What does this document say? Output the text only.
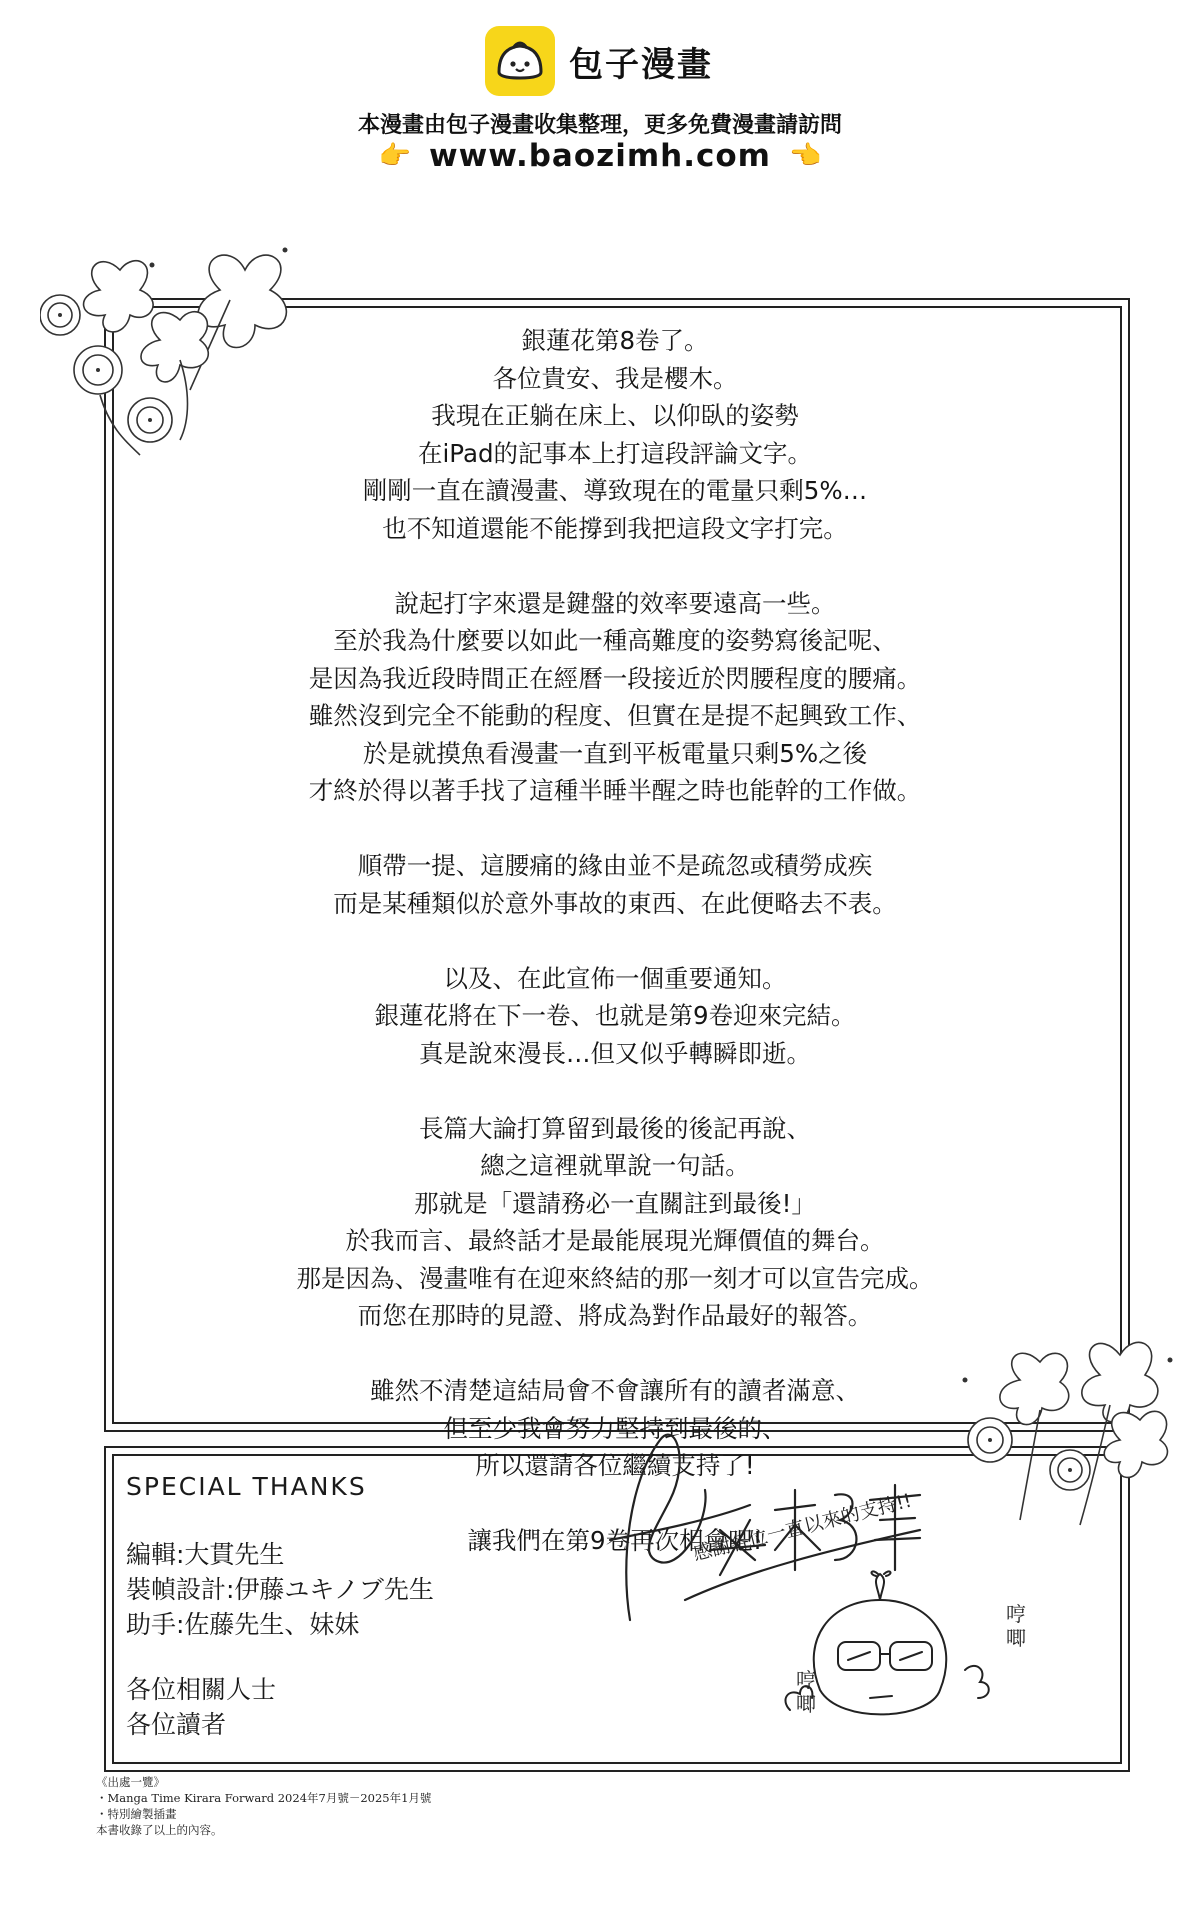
包子漫畫
本漫畫由包子漫畫收集整理，更多免費漫畫請訪問
👉 www.baozimh.com 👈
銀蓮花第8卷了。
各位貴安、我是櫻木。
我現在正躺在床上、以仰臥的姿勢
在iPad的記事本上打這段評論文字。
剛剛一直在讀漫畫、導致現在的電量只剩5%…
也不知道還能不能撐到我把這段文字打完。
說起打字來還是鍵盤的效率要遠高一些。
至於我為什麼要以如此一種高難度的姿勢寫後記呢、
是因為我近段時間正在經曆一段接近於閃腰程度的腰痛。
雖然沒到完全不能動的程度、但實在是提不起興致工作、
於是就摸魚看漫畫一直到平板電量只剩5%之後
才終於得以著手找了這種半睡半醒之時也能幹的工作做。
順帶一提、這腰痛的緣由並不是疏忽或積勞成疾
而是某種類似於意外事故的東西、在此便略去不表。
以及、在此宣佈一個重要通知。
銀蓮花將在下一卷、也就是第9卷迎來完結。
真是說來漫長…但又似乎轉瞬即逝。
長篇大論打算留到最後的後記再說、
總之這裡就單說一句話。
那就是「還請務必一直關註到最後!」
於我而言、最終話才是最能展現光輝價值的舞台。
那是因為、漫畫唯有在迎來終結的那一刻才可以宣告完成。
而您在那時的見證、將成為對作品最好的報答。
雖然不清楚這結局會不會讓所有的讀者滿意、
但至少我會努力堅持到最後的、
所以還請各位繼續支持了!
讓我們在第9卷再次相會吧!
SPECIAL THANKS
編輯:大貫先生
裝幀設計:伊藤ユキノブ先生
助手:佐藤先生、妹妹
各位相關人士
各位讀者
感謝各位一直以來的支持!!
哼唧
哼唧
《出處一覽》
・Manga Time Kirara Forward 2024年7月號－2025年1月號
・特別繪製插畫
本書收錄了以上的內容。
